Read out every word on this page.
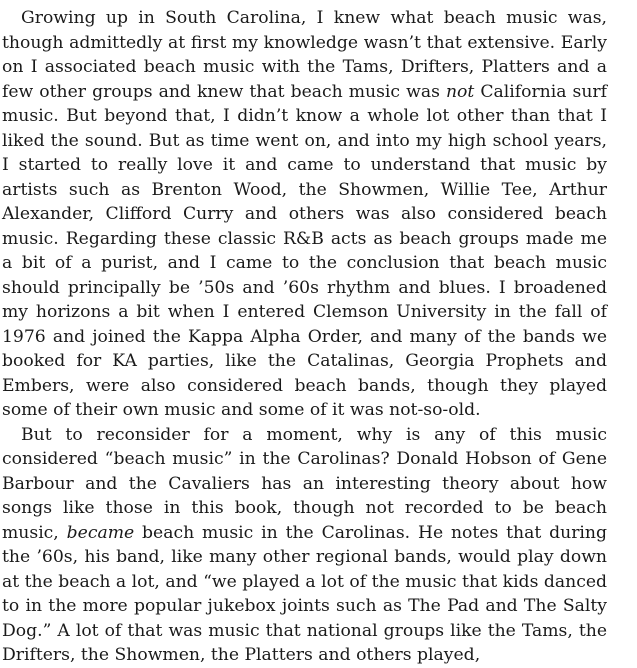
Growing up in South Carolina, I knew what beach music was, though admittedly at first my knowledge wasn’t that extensive. Early on I associated beach music with the Tams, Drifters, Platters and a few other groups and knew that beach music was not California surf music. But beyond that, I didn’t know a whole lot other than that I liked the sound. But as time went on, and into my high school years, I started to really love it and came to understand that music by artists such as Brenton Wood, the Showmen, Willie Tee, Arthur Alexander, Clifford Curry and others was also considered beach music. Regarding these classic R&B acts as beach groups made me a bit of a purist, and I came to the conclusion that beach music should principally be ’50s and ’60s rhythm and blues. I broadened my horizons a bit when I entered Clemson University in the fall of 1976 and joined the Kappa Alpha Order, and many of the bands we booked for KA parties, like the Catalinas, Georgia Prophets and Embers, were also considered beach bands, though they played some of their own music and some of it was not-so-old.

But to reconsider for a moment, why is any of this music considered “beach music” in the Carolinas? Donald Hobson of Gene Barbour and the Cavaliers has an interesting theory about how songs like those in this book, though not recorded to be beach music, became beach music in the Carolinas. He notes that during the ’60s, his band, like many other regional bands, would play down at the beach a lot, and “we played a lot of the music that kids danced to in the more popular jukebox joints such as The Pad and The Salty Dog.” A lot of that was music that national groups like the Tams, the Drifters, the Showmen, the Platters and others played,
